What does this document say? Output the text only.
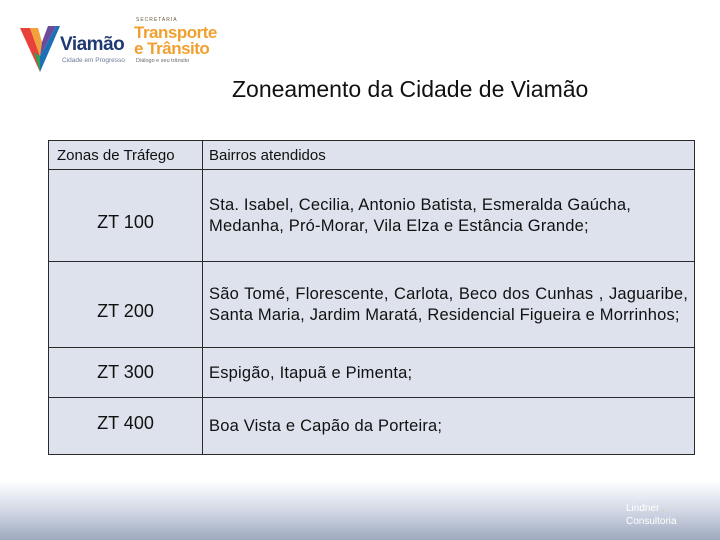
Viamão
Cidade em Progresso
SECRETARIA
Transporte
e Trânsito
Diálogo e seu trânsito
Zoneamento da Cidade de Viamão
Zonas de Tráfego	Bairros atendidos
ZT 100	Sta. Isabel, Cecilia, Antonio Batista, Esmeralda Gaúcha, Medanha, Pró-Morar, Vila Elza e Estância Grande;
ZT 200	São Tomé, Florescente, Carlota, Beco dos Cunhas , Jaguaribe, Santa Maria, Jardim Maratá, Residencial Figueira e Morrinhos;
ZT 300	Espigão, Itapuã e Pimenta;
ZT 400	Boa Vista e Capão da Porteira;
Lindner .
Consultoria
